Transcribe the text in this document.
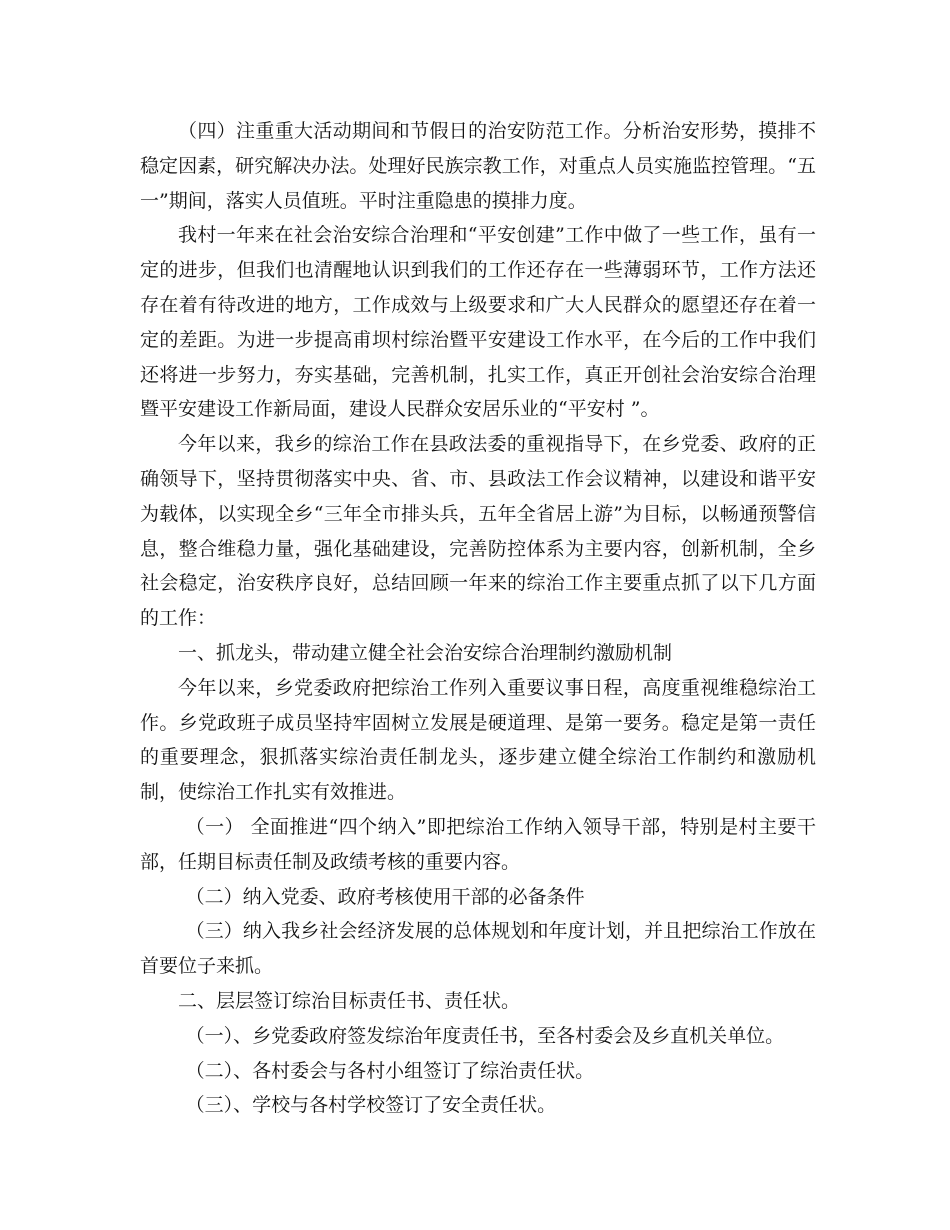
（四）注重重大活动期间和节假日的治安防范工作。分析治安形势，摸排不稳定因素，研究解决办法。处理好民族宗教工作，对重点人员实施监控管理。“五一”期间，落实人员值班。平时注重隐患的摸排力度。

我村一年来在社会治安综合治理和“平安创建”工作中做了一些工作，虽有一定的进步，但我们也清醒地认识到我们的工作还存在一些薄弱环节，工作方法还存在着有待改进的地方，工作成效与上级要求和广大人民群众的愿望还存在着一定的差距。为进一步提高甫坝村综治暨平安建设工作水平，在今后的工作中我们还将进一步努力，夯实基础，完善机制，扎实工作，真正开创社会治安综合治理暨平安建设工作新局面，建设人民群众安居乐业的“平安村 ”。

今年以来，我乡的综治工作在县政法委的重视指导下，在乡党委、政府的正确领导下，坚持贯彻落实中央、省、市、县政法工作会议精神，以建设和谐平安为载体，以实现全乡“三年全市排头兵，五年全省居上游”为目标，以畅通预警信息，整合维稳力量，强化基础建设，完善防控体系为主要内容，创新机制，全乡社会稳定，治安秩序良好，总结回顾一年来的综治工作主要重点抓了以下几方面的工作：

一、抓龙头，带动建立健全社会治安综合治理制约激励机制

今年以来，乡党委政府把综治工作列入重要议事日程，高度重视维稳综治工作。乡党政班子成员坚持牢固树立发展是硬道理、是第一要务。稳定是第一责任的重要理念，狠抓落实综治责任制龙头，逐步建立健全综治工作制约和激励机制，使综治工作扎实有效推进。

（一） 全面推进“四个纳入”即把综治工作纳入领导干部，特别是村主要干部，任期目标责任制及政绩考核的重要内容。

（二）纳入党委、政府考核使用干部的必备条件

（三）纳入我乡社会经济发展的总体规划和年度计划，并且把综治工作放在首要位子来抓。

二、层层签订综治目标责任书、责任状。

（一）、乡党委政府签发综治年度责任书，至各村委会及乡直机关单位。

（二）、各村委会与各村小组签订了综治责任状。

（三）、学校与各村学校签订了安全责任状。
